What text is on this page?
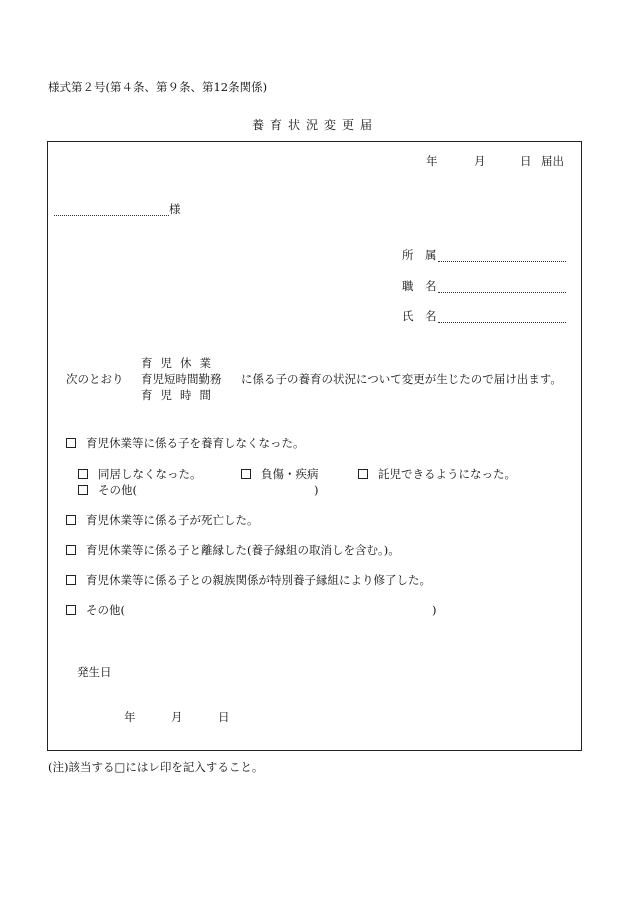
様式第２号(第４条、第９条、第12条関係)
養育状況変更届
年	月	日 届出
様
所　属
職　名
氏　名
次のとおり
育児休業
育児短時間勤務
育児時間
に係る子の養育の状況について変更が生じたので届け出ます。
育児休業等に係る子を養育しなくなった。
同居しなくなった。	負傷・疾病	託児できるようになった。
その他(	)
育児休業等に係る子が死亡した。
育児休業等に係る子と離縁した(養子縁組の取消しを含む。)。
育児休業等に係る子との親族関係が特別養子縁組により修了した。
その他(	)
発生日
年	月	日
(注)該当する□にはレ印を記入すること。
